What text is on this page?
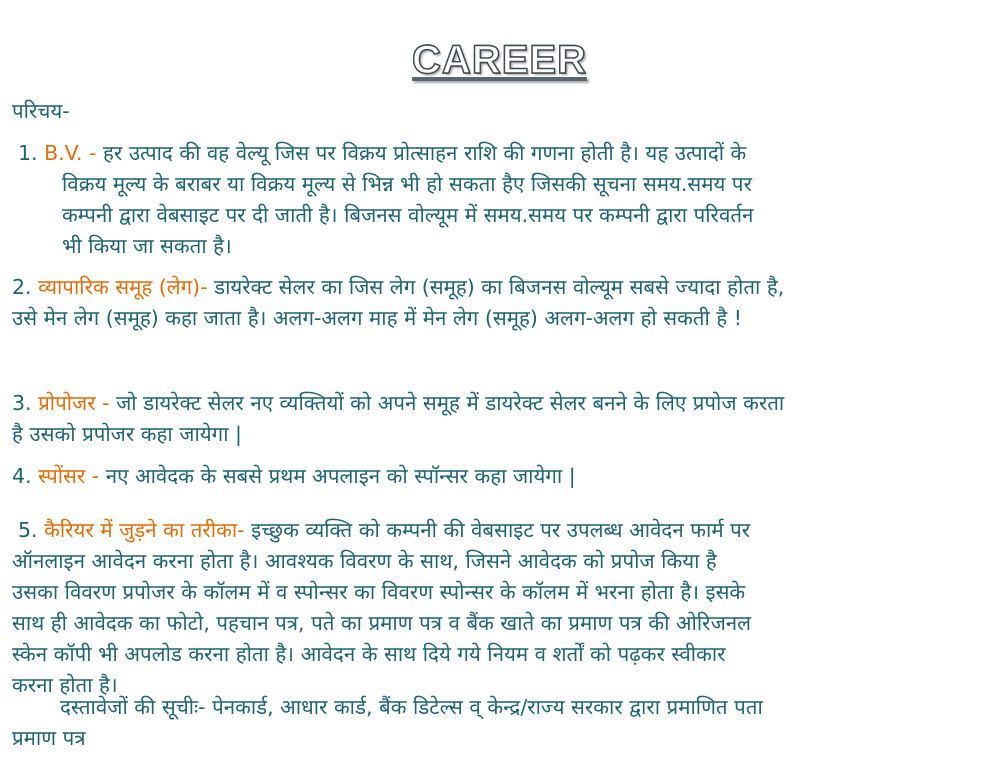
CAREER
परिचय-
1. B.V. - हर उत्पाद की वह वेल्यू जिस पर विक्रय प्रोत्साहन राशि की गणना होती है। यह उत्पादों के
विक्रय मूल्य के बराबर या विक्रय मूल्य से भिन्न भी हो सकता हैए जिसकी सूचना समय.समय पर
कम्पनी द्वारा वेबसाइट पर दी जाती है। बिजनस वोल्यूम में समय.समय पर कम्पनी द्वारा परिवर्तन
भी किया जा सकता है।
2. व्यापारिक समूह (लेग)- डायरेक्ट सेलर का जिस लेग (समूह) का बिजनस वोल्यूम सबसे ज्यादा होता है,
उसे मेन लेग (समूह) कहा जाता है। अलग-अलग माह में मेन लेग (समूह) अलग-अलग हो सकती है !
3. प्रोपोजर - जो डायरेक्ट सेलर नए व्यक्तियों को अपने समूह में डायरेक्ट सेलर बनने के लिए प्रपोज करता
है उसको प्रपोजर कहा जायेगा |
4. स्पोंसर - नए आवेदक के सबसे प्रथम अपलाइन को स्पॉन्सर कहा जायेगा |
5. कैरियर में जुड़ने का तरीका- इच्छुक व्यक्ति को कम्पनी की वेबसाइट पर उपलब्ध आवेदन फार्म पर
ऑनलाइन आवेदन करना होता है। आवश्यक विवरण के साथ, जिसने आवेदक को प्रपोज किया है
उसका विवरण प्रपोजर के कॉलम में व स्पोन्सर का विवरण स्पोन्सर के कॉलम में भरना होता है। इसके
साथ ही आवेदक का फोटो, पहचान पत्र, पते का प्रमाण पत्र व बैंक खाते का प्रमाण पत्र की ओरिजनल
स्केन कॉपी भी अपलोड करना होता है। आवेदन के साथ दिये गये नियम व शर्तों को पढ़कर स्वीकार
करना होता है।
दस्तावेजों की सूचीः- पेनकार्ड, आधार कार्ड, बैंक डिटेल्स व् केन्द्र/राज्य सरकार द्वारा प्रमाणित पता
प्रमाण पत्र
